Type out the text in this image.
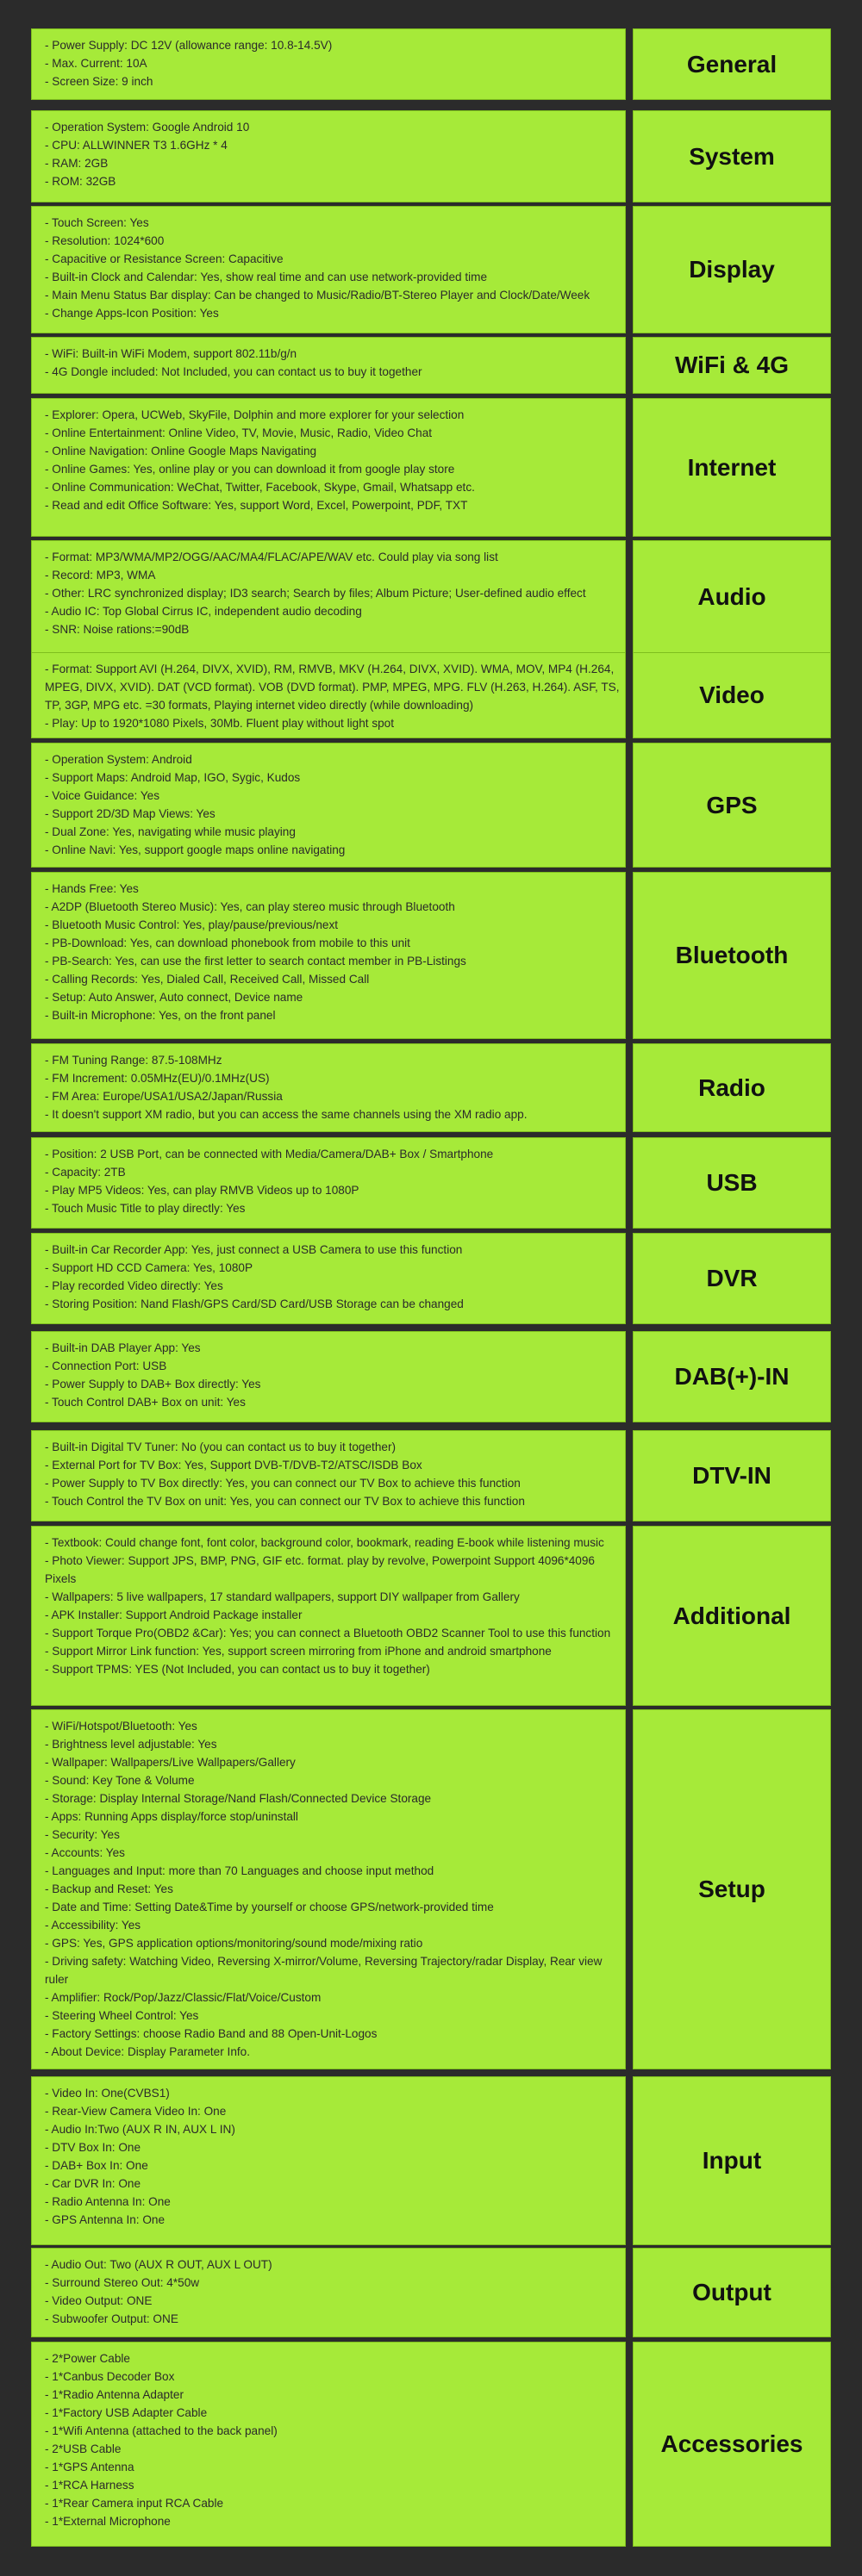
- Power Supply: DC 12V (allowance range: 10.8-14.5V)
- Max. Current: 10A
- Screen Size: 9 inch
General
- Operation System: Google Android 10
- CPU: ALLWINNER T3 1.6GHz * 4
- RAM: 2GB
- ROM: 32GB
System
- Touch Screen: Yes
- Resolution: 1024*600
- Capacitive or Resistance Screen: Capacitive
- Built-in Clock and Calendar: Yes, show real time and can use network-provided time
- Main Menu Status Bar display: Can be changed to Music/Radio/BT-Stereo Player and Clock/Date/Week
- Change Apps-Icon Position: Yes
Display
- WiFi: Built-in WiFi Modem, support 802.11b/g/n
- 4G Dongle included: Not Included, you can contact us to buy it together	WiFi & 4G
- Explorer: Opera, UCWeb, SkyFile, Dolphin and more explorer for your selection
- Online Entertainment: Online Video, TV, Movie, Music, Radio, Video Chat
- Online Navigation: Online Google Maps Navigating
- Online Games: Yes, online play or you can download it from google play store
- Online Communication: WeChat, Twitter, Facebook, Skype, Gmail, Whatsapp etc.
- Read and edit Office Software: Yes, support Word, Excel, Powerpoint, PDF, TXT
Internet
- Format: MP3/WMA/MP2/OGG/AAC/MA4/FLAC/APE/WAV etc. Could play via song list
- Record: MP3, WMA
- Other: LRC synchronized display; ID3 search; Search by files; Album Picture; User-defined audio effect
- Audio IC: Top Global Cirrus IC, independent audio decoding
- SNR: Noise rations:=90dB
Audio
- Format: Support AVI (H.264, DIVX, XVID), RM, RMVB, MKV (H.264, DIVX, XVID). WMA, MOV, MP4 (H.264, MPEG, DIVX, XVID). DAT (VCD format). VOB (DVD format). PMP, MPEG, MPG. FLV (H.263, H.264). ASF, TS, TP, 3GP, MPG etc. =30 formats, Playing internet video directly (while downloading)
- Play: Up to 1920*1080 Pixels, 30Mb. Fluent play without light spot
Video
- Operation System: Android
- Support Maps: Android Map, IGO, Sygic, Kudos
- Voice Guidance: Yes
- Support 2D/3D Map Views: Yes
- Dual Zone: Yes, navigating while music playing
- Online Navi: Yes, support google maps online navigating
GPS
- Hands Free: Yes
- A2DP (Bluetooth Stereo Music): Yes, can play stereo music through Bluetooth
- Bluetooth Music Control: Yes, play/pause/previous/next
- PB-Download: Yes, can download phonebook from mobile to this unit
- PB-Search: Yes, can use the first letter to search contact member in PB-Listings
- Calling Records: Yes, Dialed Call, Received Call, Missed Call
- Setup: Auto Answer, Auto connect, Device name
- Built-in Microphone: Yes, on the front panel
Bluetooth
- FM Tuning Range: 87.5-108MHz
- FM Increment: 0.05MHz(EU)/0.1MHz(US)
- FM Area: Europe/USA1/USA2/Japan/Russia
- It doesn't support XM radio, but you can access the same channels using the XM radio app.
Radio
- Position: 2 USB Port, can be connected with Media/Camera/DAB+ Box / Smartphone
- Capacity: 2TB
- Play MP5 Videos: Yes, can play RMVB Videos up to 1080P
- Touch Music Title to play directly: Yes
USB
- Built-in Car Recorder App: Yes, just connect a USB Camera to use this function
- Support HD CCD Camera: Yes, 1080P
- Play recorded Video directly: Yes
- Storing Position: Nand Flash/GPS Card/SD Card/USB Storage can be changed
DVR
- Built-in DAB Player App: Yes
- Connection Port: USB
- Power Supply to DAB+ Box directly: Yes
- Touch Control DAB+ Box on unit: Yes
DAB(+)-IN
- Built-in Digital TV Tuner: No (you can contact us to buy it together)
- External Port for TV Box: Yes, Support DVB-T/DVB-T2/ATSC/ISDB Box
- Power Supply to TV Box directly: Yes, you can connect our TV Box to achieve this function
- Touch Control the TV Box on unit: Yes, you can connect our TV Box to achieve this function
DTV-IN
- Textbook: Could change font, font color, background color, bookmark, reading E-book while listening music
- Photo Viewer: Support JPS, BMP, PNG, GIF etc. format. play by revolve, Powerpoint Support 4096*4096 Pixels
- Wallpapers: 5 live wallpapers, 17 standard wallpapers, support DIY wallpaper from Gallery
- APK Installer: Support Android Package installer
- Support Torque Pro(OBD2 &Car): Yes; you can connect a Bluetooth OBD2 Scanner Tool to use this function
- Support Mirror Link function: Yes, support screen mirroring from iPhone and android smartphone
- Support TPMS: YES (Not Included, you can contact us to buy it together)
Additional
- WiFi/Hotspot/Bluetooth: Yes
- Brightness level adjustable: Yes
- Wallpaper: Wallpapers/Live Wallpapers/Gallery
- Sound: Key Tone & Volume
- Storage: Display Internal Storage/Nand Flash/Connected Device Storage
- Apps: Running Apps display/force stop/uninstall
- Security: Yes
- Accounts: Yes
- Languages and Input: more than 70 Languages and choose input method
- Backup and Reset: Yes
- Date and Time: Setting Date&Time by yourself or choose GPS/network-provided time
- Accessibility: Yes
- GPS: Yes, GPS application options/monitoring/sound mode/mixing ratio
- Driving safety: Watching Video, Reversing X-mirror/Volume, Reversing Trajectory/radar Display, Rear view ruler
- Amplifier: Rock/Pop/Jazz/Classic/Flat/Voice/Custom
- Steering Wheel Control: Yes
- Factory Settings: choose Radio Band and 88 Open-Unit-Logos
- About Device: Display Parameter Info.
Setup
- Video In: One(CVBS1)
- Rear-View Camera Video In: One
- Audio In:Two (AUX R IN, AUX L IN)
- DTV Box In: One
- DAB+ Box In: One
- Car DVR In: One
- Radio Antenna In: One
- GPS Antenna In: One
Input
- Audio Out: Two (AUX R OUT, AUX L OUT)
- Surround Stereo Out: 4*50w
- Video Output: ONE
- Subwoofer Output: ONE
Output
- 2*Power Cable
- 1*Canbus Decoder Box
- 1*Radio Antenna Adapter
- 1*Factory USB Adapter Cable
- 1*Wifi Antenna (attached to the back panel)
- 2*USB Cable
- 1*GPS Antenna
- 1*RCA Harness
- 1*Rear Camera input RCA Cable
- 1*External Microphone
Accessories
